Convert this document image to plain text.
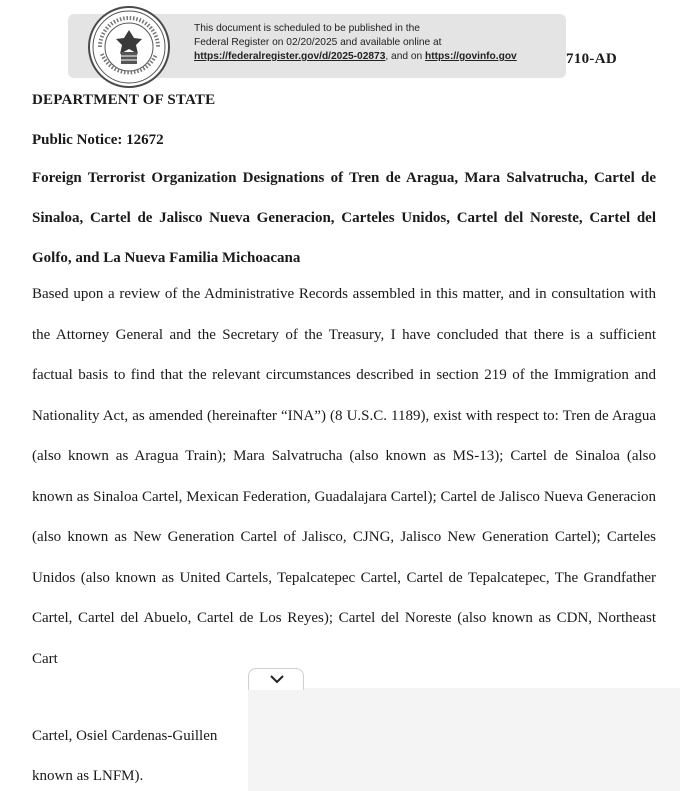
This document is scheduled to be published in the
Federal Register on 02/20/2025 and available online at
https://federalregister.gov/d/2025-02873, and on https://govinfo.gov	710-AD
DEPARTMENT OF STATE
Public Notice: 12672
Foreign Terrorist Organization Designations of Tren de Aragua, Mara Salvatrucha, Cartel de Sinaloa, Cartel de Jalisco Nueva Generacion, Carteles Unidos, Cartel del Noreste, Cartel del Golfo, and La Nueva Familia Michoacana
Based upon a review of the Administrative Records assembled in this matter, and in consultation with the Attorney General and the Secretary of the Treasury, I have concluded that there is a sufficient factual basis to find that the relevant circumstances described in section 219 of the Immigration and Nationality Act, as amended (hereinafter “INA”) (8 U.S.C. 1189), exist with respect to: Tren de Aragua (also known as Aragua Train); Mara Salvatrucha (also known as MS-13); Cartel de Sinaloa (also known as Sinaloa Cartel, Mexican Federation, Guadalajara Cartel); Cartel de Jalisco Nueva Generacion (also known as New Generation Cartel of Jalisco, CJNG, Jalisco New Generation Cartel); Carteles Unidos (also known as United Cartels, Tepalcatepec Cartel, Cartel de Tepalcatepec, The Grandfather Cartel, Cartel del Abuelo, Cartel de Los Reyes); Cartel del Noreste (also known as CDN, Northeast Cart
Cartel, Osiel Cardenas-Guillen
known as LNFM).
